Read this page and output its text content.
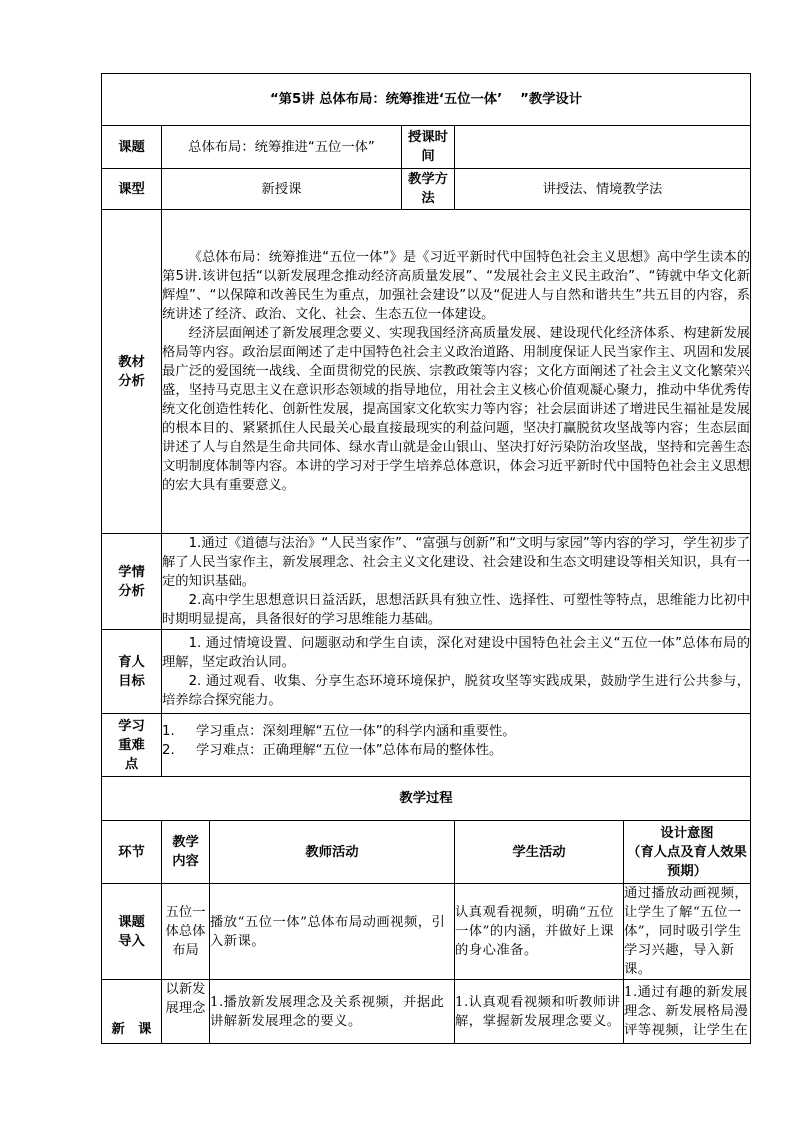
“第5讲 总体布局：统筹推进‘五位一体’　 ”教学设计					
课题	总体布局：统筹推进“五位一体”		授课时间		
课型	新授课		教学方法	讲授法、情境教学法	
教材分析	《总体布局：统筹推进“五位一体”》是《习近平新时代中国特色社会主义思想》高中学生读本的第5讲.该讲包括“以新发展理念推动经济高质量发展”、“发展社会主义民主政治”、“铸就中华文化新辉煌”、“以保障和改善民生为重点，加强社会建设”以及“促进人与自然和谐共生”共五目的内容，系统讲述了经济、政治、文化、社会、生态五位一体建设。

经济层面阐述了新发展理念要义、实现我国经济高质量发展、建设现代化经济体系、构建新发展格局等内容。政治层面阐述了走中国特色社会主义政治道路、用制度保证人民当家作主、巩固和发展最广泛的爱国统一战线、全面贯彻党的民族、宗教政策等内容；文化方面阐述了社会主义文化繁荣兴盛，坚持马克思主义在意识形态领域的指导地位，用社会主义核心价值观凝心聚力，推动中华优秀传统文化创造性转化、创新性发展，提高国家文化软实力等内容；社会层面讲述了增进民生福祉是发展的根本目的、紧紧抓住人民最关心最直接最现实的利益问题，坚决打赢脱贫攻坚战等内容；生态层面讲述了人与自然是生命共同体、绿水青山就是金山银山、坚决打好污染防治攻坚战，坚持和完善生态文明制度体制等内容。本讲的学习对于学生培养总体意识，体会习近平新时代中国特色社会主义思想的宏大具有重要意义。				

学情分析	1.通过《道德与法治》“人民当家作”、“富强与创新”和“文明与家园”等内容的学习，学生初步了解了人民当家作主，新发展理念、社会主义文化建设、社会建设和生态文明建设等相关知识，具有一定的知识基础。

2.高中学生思想意识日益活跃，思想活跃具有独立性、选择性、可塑性等特点，思维能力比初中时期明显提高，具备很好的学习思维能力基础。				

育人目标	1. 通过情境设置、问题驱动和学生自读，深化对建设中国特色社会主义“五位一体”总体布局的理解，坚定政治认同。

2. 通过观看、收集、分享生态环境环境保护，脱贫攻坚等实践成果，鼓励学生进行公共参与，培养综合探究能力。				

学习重难点	1. 学习重点：深刻理解“五位一体”的科学内涵和重要性。
2. 学习难点：正确理解“五位一体”总体布局的整体性。				

教学过程					
环节	教学内容	教师活动		学生活动	设计意图
（育人点及育人效果预期）

课题导入	五位一体总体布局	播放“五位一体”总体布局动画视频，引入新课。		认真观看视频，明确“五位一体”的内涵，并做好上课的身心准备。	通过播放动画视频，让学生了解“五位一体”，同时吸引学生学习兴趣，导入新课。
新　课	以新发展理念	1.播放新发展理念及关系视频，并据此讲解新发展理念的要义。		1.认真观看视频和听教师讲解，掌握新发展理念要义。	1.通过有趣的新发展理念、新发展格局漫评等视频，让学生在
